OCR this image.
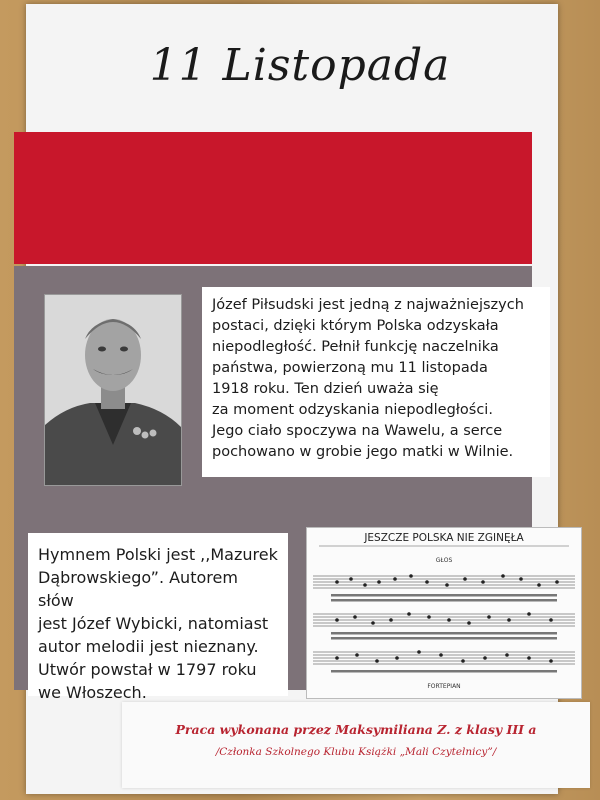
11 Listopada

Józef Piłsudski jest jedną z najważniejszych
postaci, dzięki którym Polska odzyskała
niepodległość. Pełnił funkcję naczelnika
państwa, powierzoną mu 11 listopada
1918 roku. Ten dzień uważa się
za moment odzyskania niepodległości.
Jego ciało spoczywa na Wawelu, a serce
pochowano w grobie jego matki w Wilnie.

Hymnem Polski jest ,,Mazurek
Dąbrowskiego”. Autorem słów
jest Józef Wybicki, natomiast
autor melodii jest nieznany.
Utwór powstał w 1797 roku
we Włoszech.

JESZCZE POLSKA NIE ZGINĘŁA
GŁOS
FORTEPIAN
Praca wykonana przez Maksymiliana Z. z klasy III a
/Członka Szkolnego Klubu Książki „Mali Czytelnicy”/
